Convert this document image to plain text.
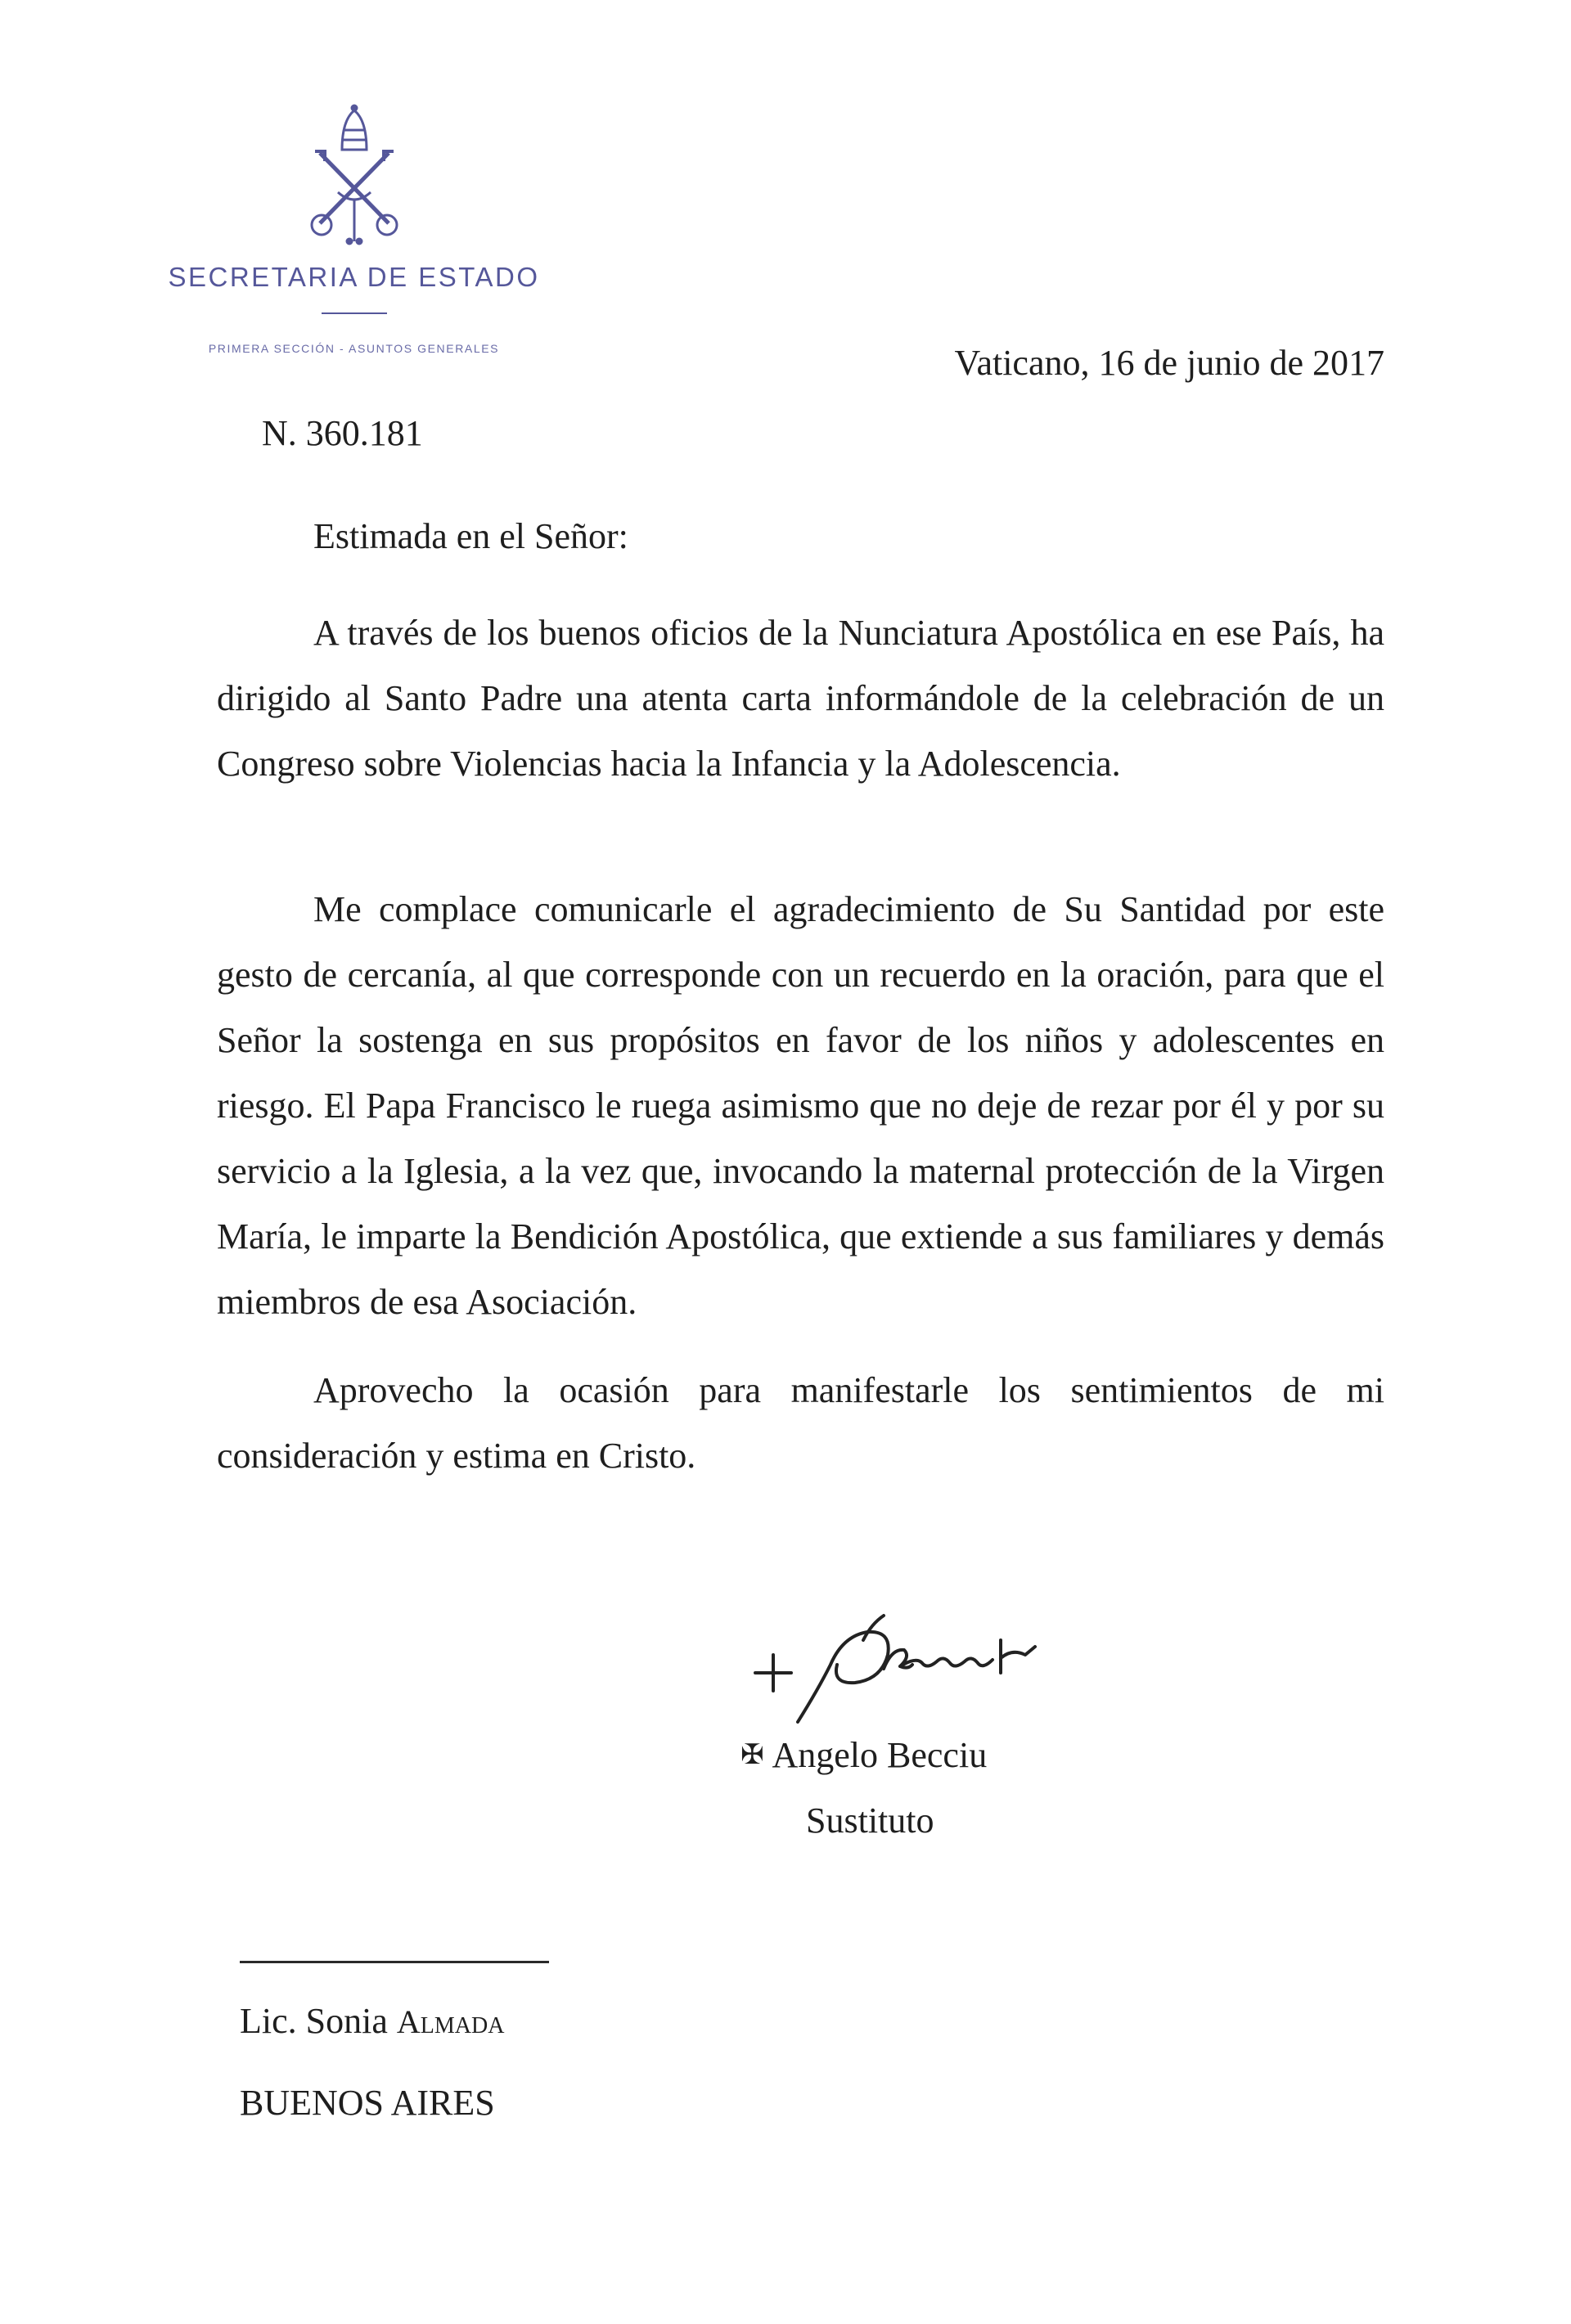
SECRETARIA DE ESTADO
PRIMERA SECCIÓN - ASUNTOS GENERALES	Vaticano, 16 de junio de 2017
N. 360.181
Estimada en el Señor:

A través de los buenos oficios de la Nunciatura Apostólica en ese País, ha dirigido al Santo Padre una atenta carta informándole de la celebración de un Congreso sobre Violencias hacia la Infancia y la Adolescencia.

Me complace comunicarle el agradecimiento de Su Santidad por este gesto de cercanía, al que corresponde con un recuerdo en la oración, para que el Señor la sostenga en sus propósitos en favor de los niños y adolescentes en riesgo. El Papa Francisco le ruega asimismo que no deje de rezar por él y por su servicio a la Iglesia, a la vez que, invocando la maternal protección de la Virgen María, le imparte la Bendición Apostólica, que extiende a sus familiares y demás miembros de esa Asociación.

Aprovecho la ocasión para manifestarle los sentimientos de mi consideración y estima en Cristo.

✠ Angelo Becciu
Sustituto
Lic. Sonia Almada
BUENOS AIRES
